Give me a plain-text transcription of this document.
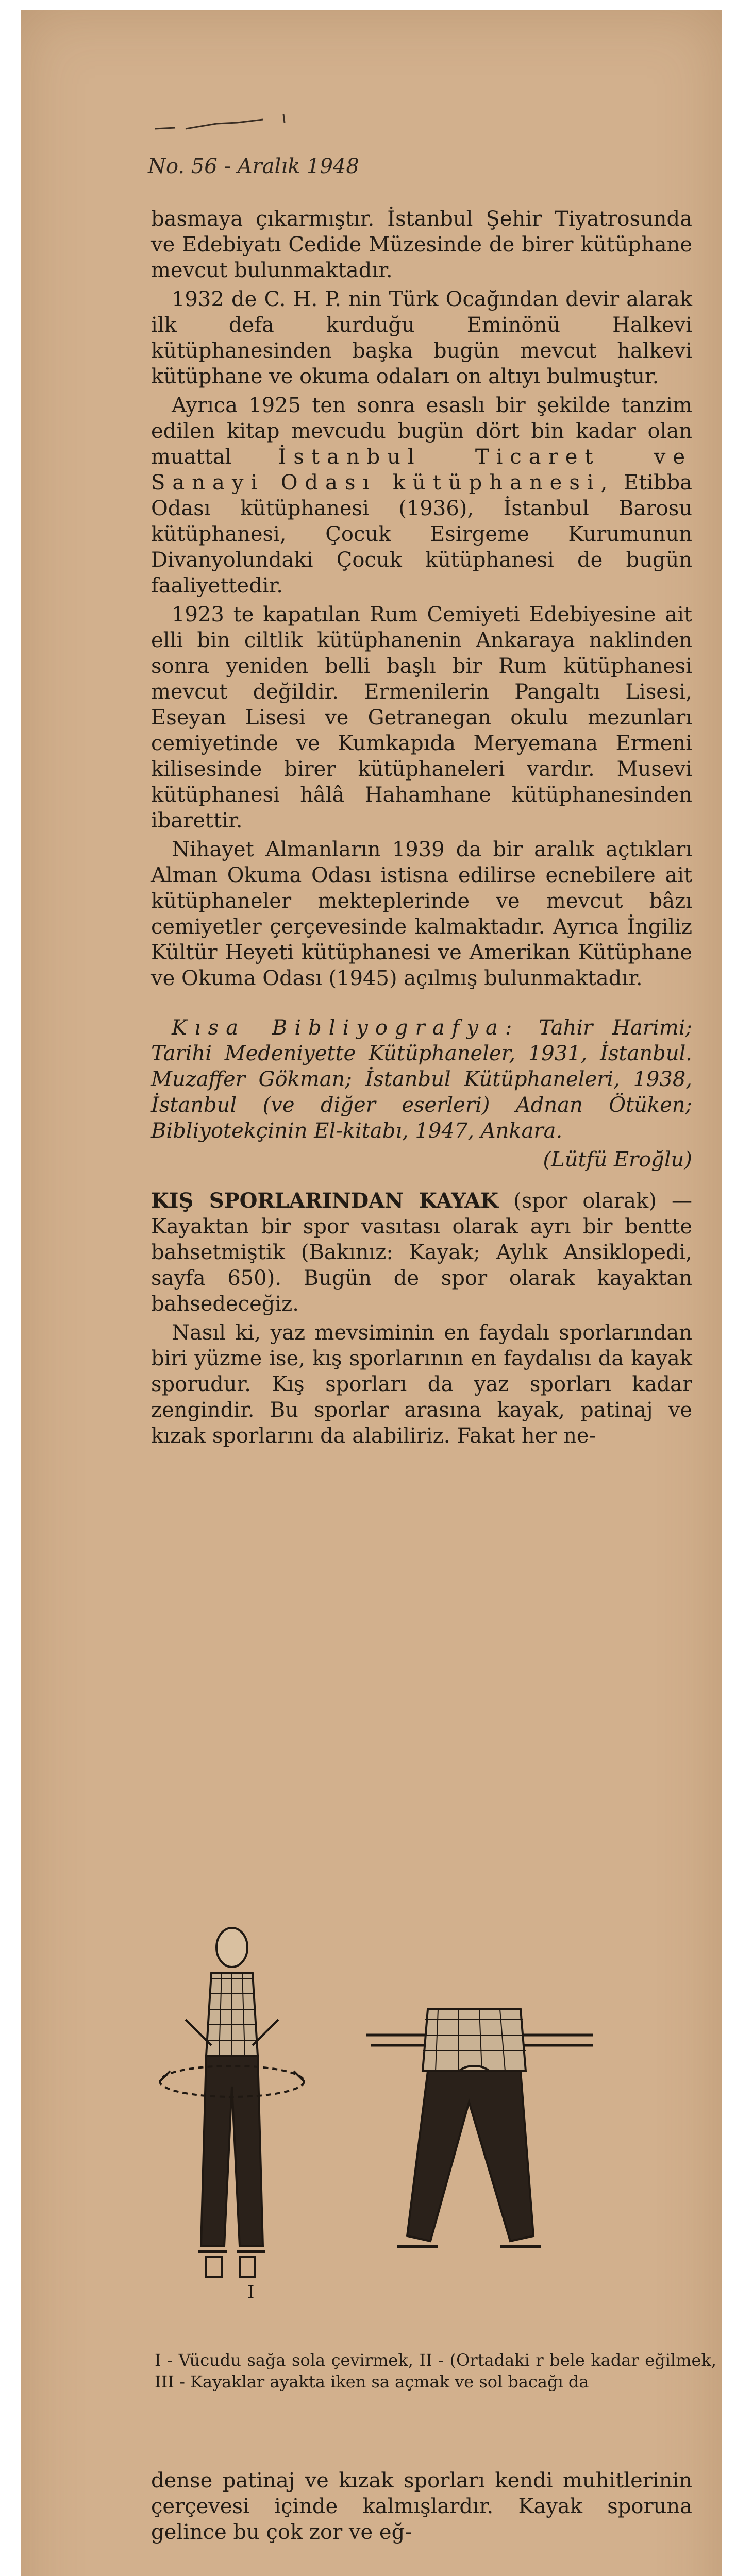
No. 56 - Aralık 1948

basmaya çıkarmıştır. İstanbul Şehir Tiyatrosunda ve Edebiyatı Cedide Müzesinde de birer kütüphane mevcut bulunmaktadır.

1932 de C. H. P. nin Türk Ocağından devir alarak ilk defa kurduğu Eminönü Halkevi kütüphanesinden başka bugün mevcut halkevi kütüphane ve okuma odaları on altıyı bulmuştur.

Ayrıca 1925 ten sonra esaslı bir şekilde tanzim edilen kitap mevcudu bugün dört bin kadar olan muattal İstanbul Ticaret ve Sanayi Odası kütüphanesi, Etibba Odası kütüphanesi (1936), İstanbul Barosu kütüphanesi, Çocuk Esirgeme Kurumunun Divanyolundaki Çocuk kütüphanesi de bugün faaliyettedir.

1923 te kapatılan Rum Cemiyeti Edebiyesine ait elli bin ciltlik kütüphanenin Ankaraya naklinden sonra yeniden belli başlı bir Rum kütüphanesi mevcut değildir. Ermenilerin Pangaltı Lisesi, Eseyan Lisesi ve Getranegan okulu mezunları cemiyetinde ve Kumkapıda Meryemana Ermeni kilisesinde birer kütüphaneleri vardır. Musevi kütüphanesi hâlâ Hahamhane kütüphanesinden ibarettir.

Nihayet Almanların 1939 da bir aralık açtıkları Alman Okuma Odası istisna edilirse ecnebilere ait kütüphaneler mekteplerinde ve mevcut bâzı cemiyetler çerçevesinde kalmaktadır. Ayrıca İngiliz Kültür Heyeti kütüphanesi ve Amerikan Kütüphane ve Okuma Odası (1945) açılmış bulunmaktadır.

Kısa Bibliyografya: Tahir Harimi; Tarihi Medeniyette Kütüphaneler, 1931, İstanbul. Muzaffer Gökman; İstanbul Kütüphaneleri, 1938, İstanbul (ve diğer eserleri) Adnan Ötüken; Bibliyotekçinin El-kitabı, 1947, Ankara.

(Lütfü Eroğlu)

KIŞ SPORLARINDAN KAYAK (spor olarak) — Kayaktan bir spor vasıtası olarak ayrı bir bentte bahsetmiştik (Bakınız: Kayak; Aylık Ansiklopedi, sayfa 650). Bugün de spor olarak kayaktan bahsedeceğiz.

Nasıl ki, yaz mevsiminin en faydalı sporlarından biri yüzme ise, kış sporlarının en faydalısı da kayak sporudur. Kış sporları da yaz sporları kadar zengindir. Bu sporlar arasına kayak, patinaj ve kızak sporlarını da alabiliriz. Fakat her ne-

I
I - Vücudu sağa sola çevirmek, II - (Ortadaki r bele kadar eğilmek, III - Kayaklar ayakta iken sa açmak ve sol bacağı da

dense patinaj ve kızak sporları kendi muhitlerinin çerçevesi içinde kalmışlardır. Kayak sporuna gelince bu çok zor ve eğ-
